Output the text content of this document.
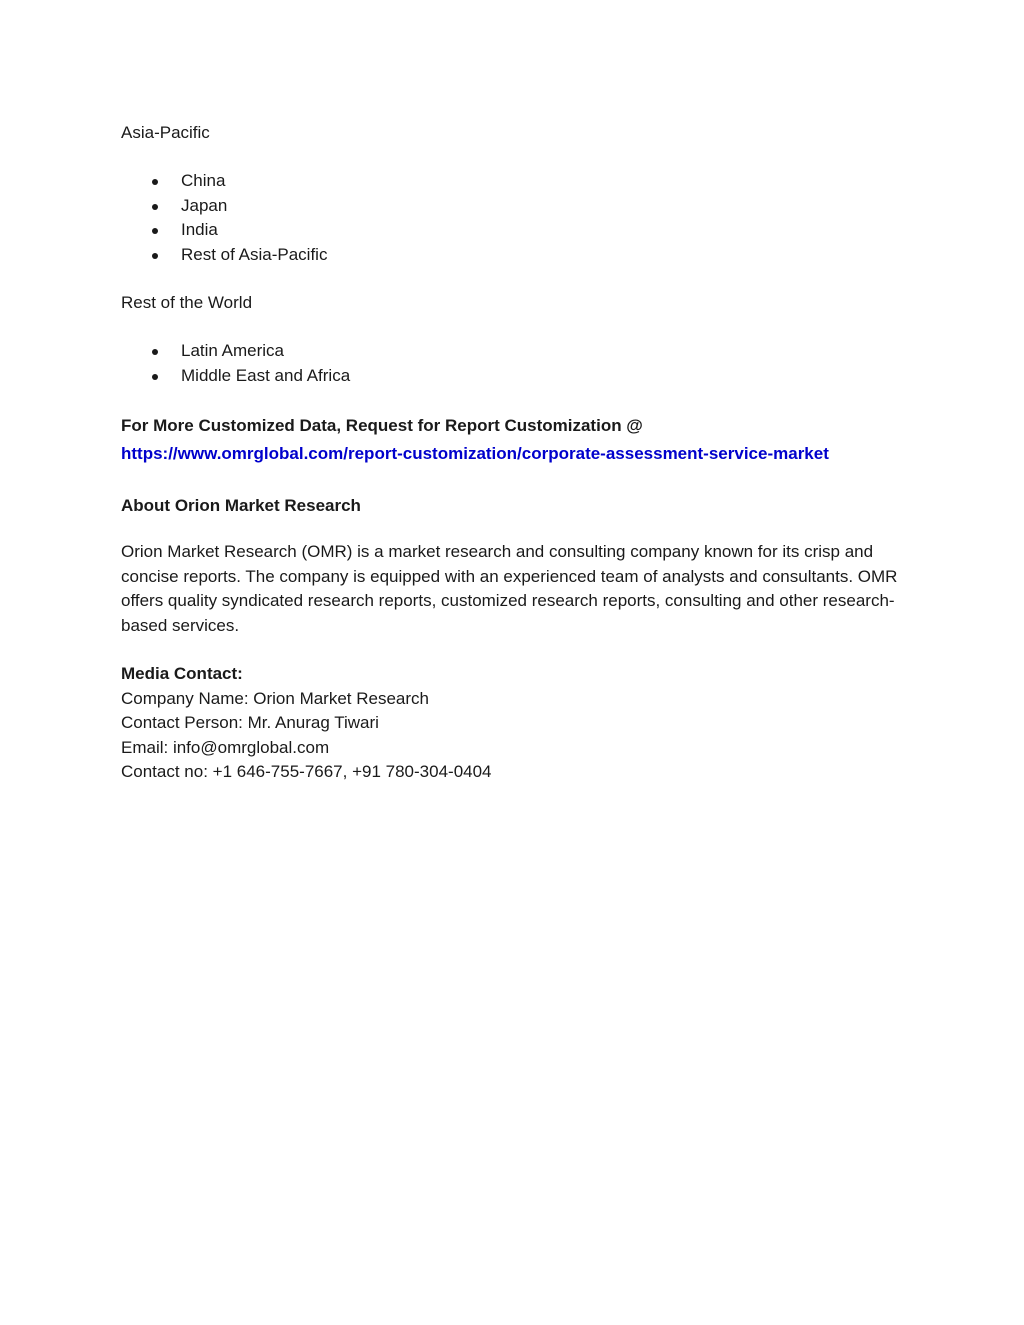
Asia-Pacific

China
Japan
India
Rest of Asia-Pacific

Rest of the World

Latin America
Middle East and Africa
For More Customized Data, Request for Report Customization @
https://www.omrglobal.com/report-customization/corporate-assessment-service-market

About Orion Market Research

Orion Market Research (OMR) is a market research and consulting company known for its crisp and concise reports. The company is equipped with an experienced team of analysts and consultants. OMR offers quality syndicated research reports, customized research reports, consulting and other research-based services.

Media Contact:
Company Name: Orion Market Research
Contact Person: Mr. Anurag Tiwari
Email: info@omrglobal.com
Contact no: +1 646-755-7667, +91 780-304-0404
